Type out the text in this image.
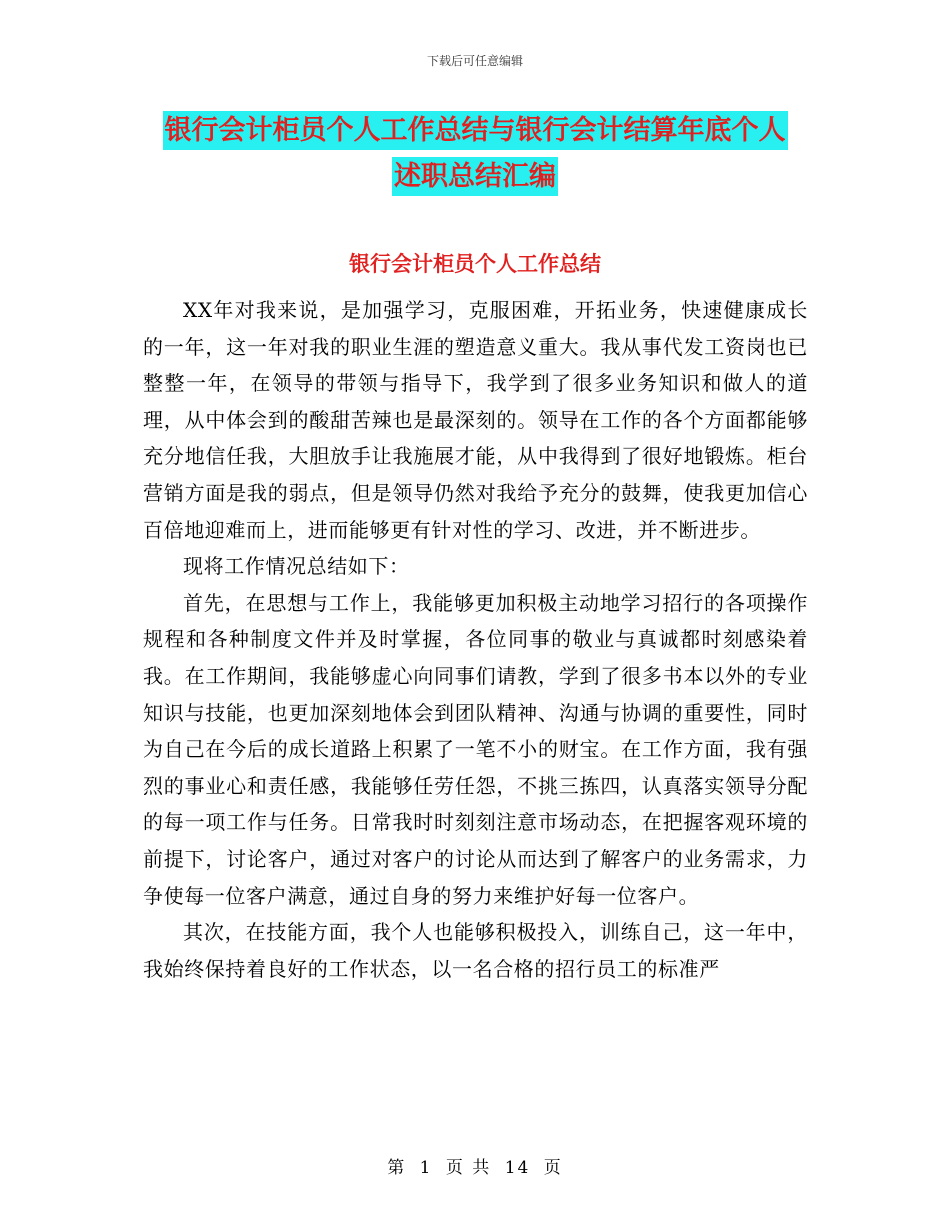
下载后可任意编辑
银行会计柜员个人工作总结与银行会计结算年底个人
述职总结汇编
银行会计柜员个人工作总结

XX年对我来说，是加强学习，克服困难，开拓业务，快速健康成长的一年，这一年对我的职业生涯的塑造意义重大。我从事代发工资岗也已整整一年，在领导的带领与指导下，我学到了很多业务知识和做人的道理，从中体会到的酸甜苦辣也是最深刻的。领导在工作的各个方面都能够充分地信任我，大胆放手让我施展才能，从中我得到了很好地锻炼。柜台营销方面是我的弱点，但是领导仍然对我给予充分的鼓舞，使我更加信心百倍地迎难而上，进而能够更有针对性的学习、改进，并不断进步。

现将工作情况总结如下：

首先，在思想与工作上，我能够更加积极主动地学习招行的各项操作规程和各种制度文件并及时掌握，各位同事的敬业与真诚都时刻感染着我。在工作期间，我能够虚心向同事们请教，学到了很多书本以外的专业知识与技能，也更加深刻地体会到团队精神、沟通与协调的重要性，同时为自己在今后的成长道路上积累了一笔不小的财宝。在工作方面，我有强烈的事业心和责任感，我能够任劳任怨，不挑三拣四，认真落实领导分配的每一项工作与任务。日常我时时刻刻注意市场动态，在把握客观环境的前提下，讨论客户，通过对客户的讨论从而达到了解客户的业务需求，力争使每一位客户满意，通过自身的努力来维护好每一位客户。

其次，在技能方面，我个人也能够积极投入，训练自己，这一年中，我始终保持着良好的工作状态，以一名合格的招行员工的标准严

第 1 页 共 14 页
